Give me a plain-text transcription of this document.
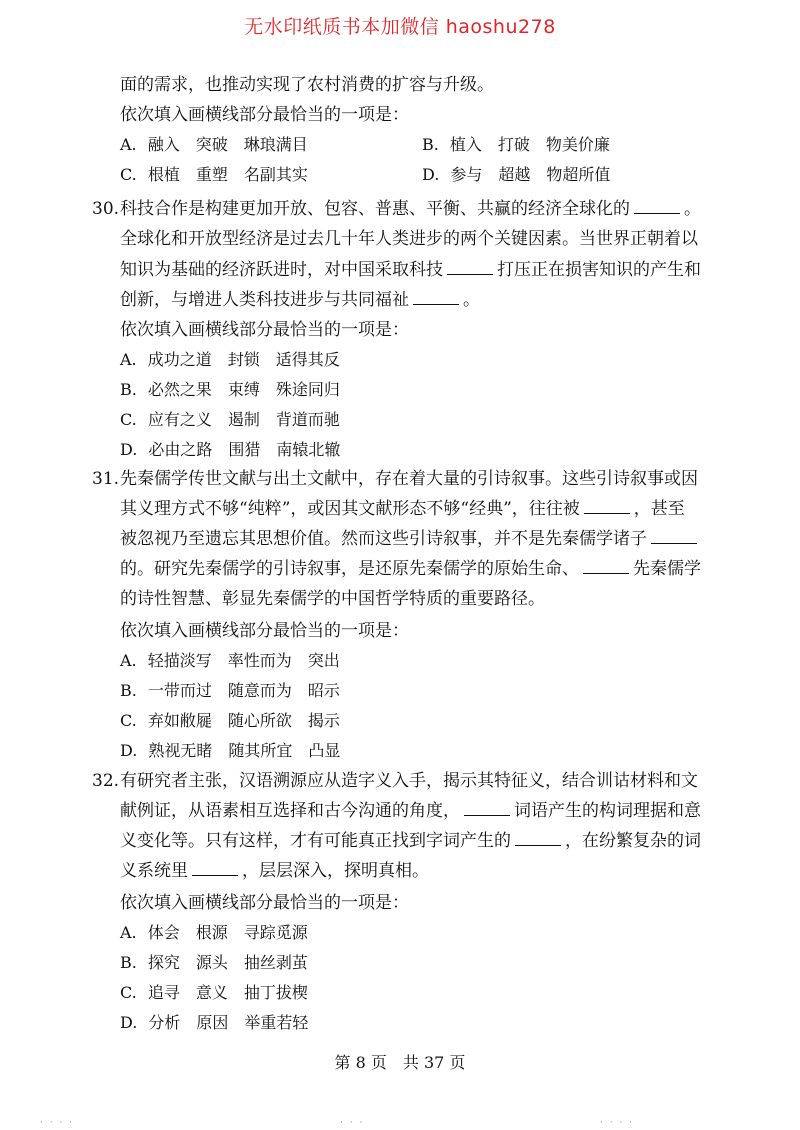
无水印纸质书本加微信 haoshu278
面的需求，也推动实现了农村消费的扩容与升级。
依次填入画横线部分最恰当的一项是：
A. 融入　突破　琳琅满目	B. 植入　打破　物美价廉
C. 根植　重塑　名副其实	D. 参与　超越　物超所值
30. 科技合作是构建更加开放、包容、普惠、平衡、共赢的经济全球化的	。
全球化和开放型经济是过去几十年人类进步的两个关键因素。当世界正朝着以
知识为基础的经济跃进时，对中国采取科技	打压正在损害知识的产生和
创新，与增进人类科技进步与共同福祉	。
依次填入画横线部分最恰当的一项是：
A. 成功之道　封锁　适得其反
B. 必然之果　束缚　殊途同归
C. 应有之义　遏制　背道而驰
D. 必由之路　围猎　南辕北辙
31. 先秦儒学传世文献与出土文献中，存在着大量的引诗叙事。这些引诗叙事或因
其义理方式不够“纯粹”，或因其文献形态不够“经典”，往往被	，甚至
被忽视乃至遗忘其思想价值。然而这些引诗叙事，并不是先秦儒学诸子
的。研究先秦儒学的引诗叙事，是还原先秦儒学的原始生命、	先秦儒学
的诗性智慧、彰显先秦儒学的中国哲学特质的重要路径。
依次填入画横线部分最恰当的一项是：
A. 轻描淡写　率性而为　突出
B. 一带而过　随意而为　昭示
C. 弃如敝屣　随心所欲　揭示
D. 熟视无睹　随其所宜　凸显
32. 有研究者主张，汉语溯源应从造字义入手，揭示其特征义，结合训诂材料和文
献例证，从语素相互选择和古今沟通的角度，	词语产生的构词理据和意
义变化等。只有这样，才有可能真正找到字词产生的	，在纷繁复杂的词
义系统里	，层层深入，探明真相。
依次填入画横线部分最恰当的一项是：
A. 体会　根源　寻踪觅源
B. 探究　源头　抽丝剥茧
C. 追寻　意义　抽丁拔楔
D. 分析　原因　举重若轻
第 8 页　共 37 页
· · · ·	· · ·	· · · ·
